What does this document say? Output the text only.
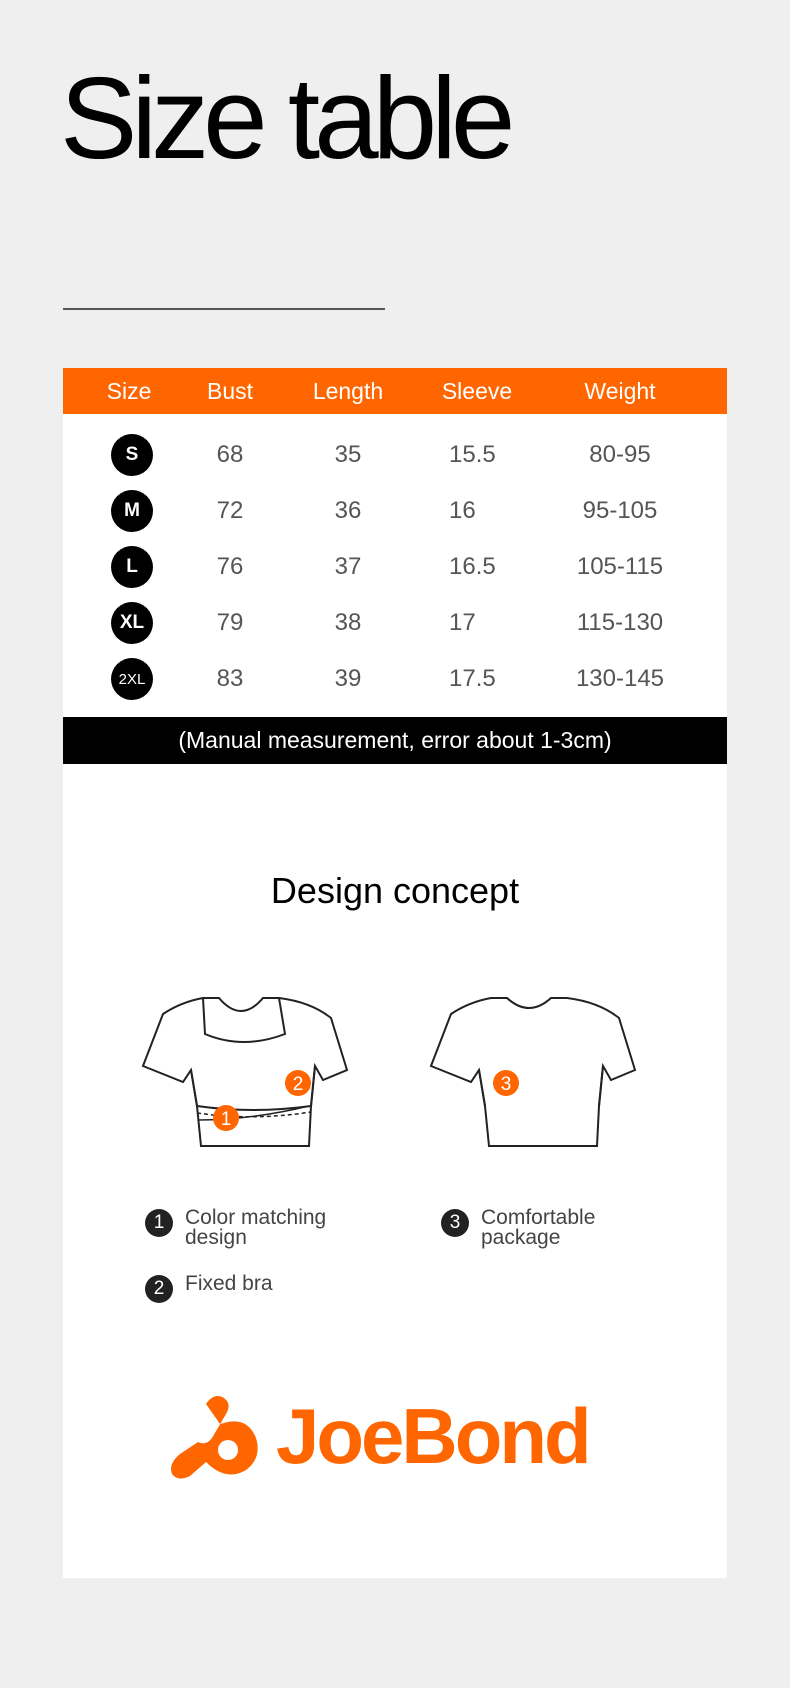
Size table
Size	Bust	Length	Sleeve	Weight
S	68	35	15.5	80-95
M	72	36	16	95-105
L	76	37	16.5	105-115
XL	79	38	17	115-130
2XL	83	39	17.5	130-145
(Manual measurement, error about 1-3cm)
Design concept
1
2	3
1 Color matching design
3 Comfortable package
2 Fixed bra
JoeBond
